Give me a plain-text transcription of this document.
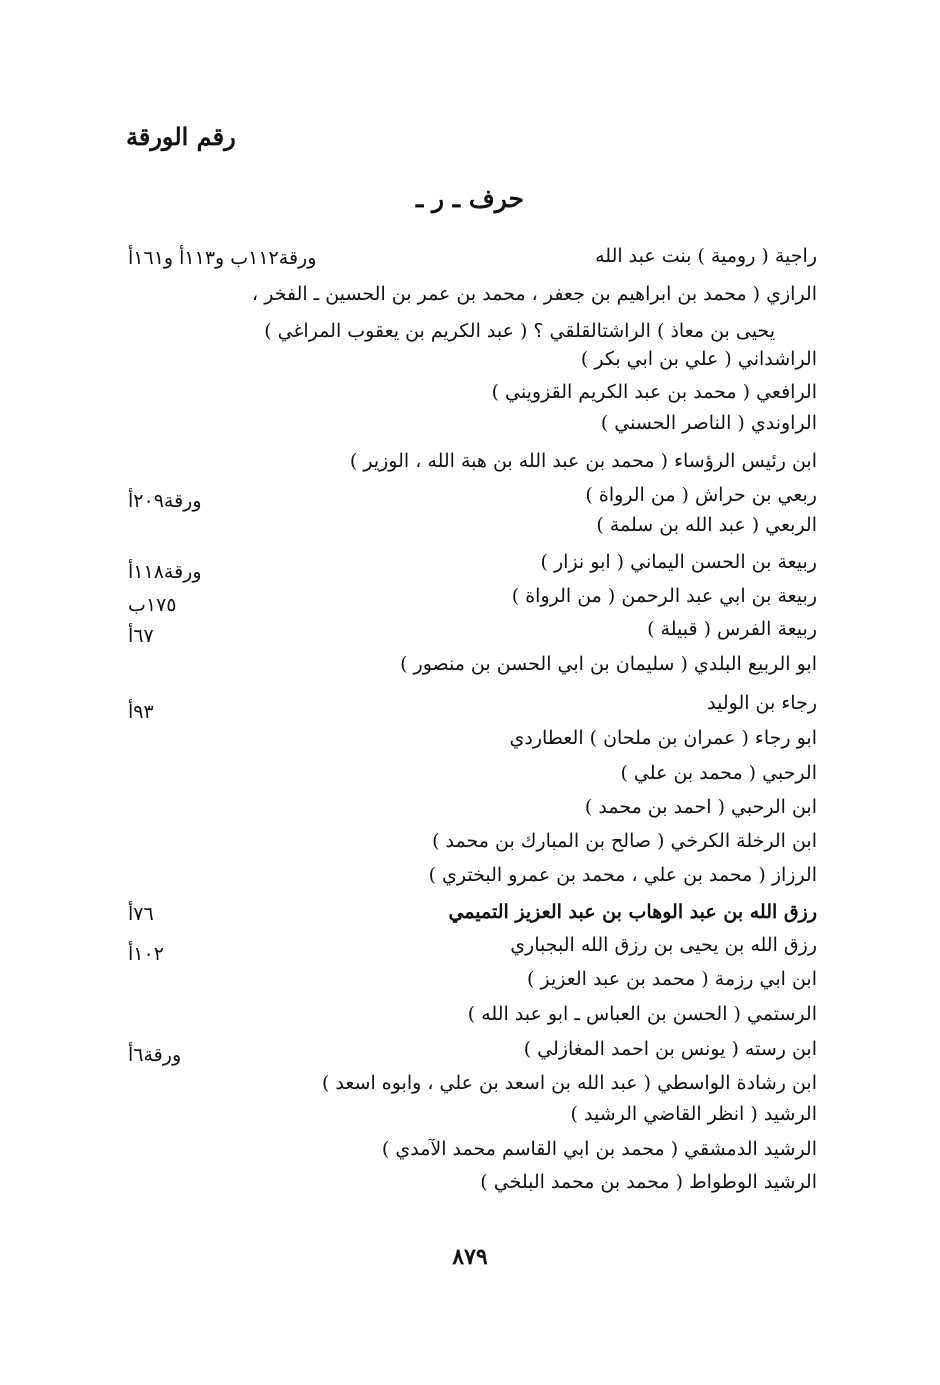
رقم الورقة
حرف ـ ر ـ
راجية ( رومية ) بنت عبد الله
ورقة١١٢ب و١١٣أ و١٦١أ
الرازي ( محمد بن ابراهيم بن جعفر ، محمد بن عمر بن الحسين ـ الفخر ،
يحيى بن معاذ ) الراشتالقلقي ؟ ( عبد الكريم بن يعقوب المراغي )
الراشداني ( علي بن ابي بكر )
الرافعي ( محمد بن عبد الكريم القزويني )
الراوندي ( الناصر الحسني )
ابن رئيس الرؤساء ( محمد بن عبد الله بن هبة الله ، الوزير )
ربعي بن حراش ( من الرواة )
ورقة٢٠٩أ
الربعي ( عبد الله بن سلمة )
ربيعة بن الحسن اليماني ( ابو نزار )
ورقة١١٨أ
ربيعة بن ابي عبد الرحمن ( من الرواة )
١٧٥ب
ربيعة الفرس ( قبيلة )
٦٧أ
ابو الربيع البلدي ( سليمان بن ابي الحسن بن منصور )
رجاء بن الوليد
٩٣أ
ابو رجاء ( عمران بن ملحان ) العطاردي
الرحبي ( محمد بن علي )
ابن الرحبي ( احمد بن محمد )
ابن الرخلة الكرخي ( صالح بن المبارك بن محمد )
الرزاز ( محمد بن علي ، محمد بن عمرو البختري )
رزق الله بن عبد الوهاب بن عبد العزيز التميمي
٧٦أ
رزق الله بن يحيى بن رزق الله البجباري
١٠٢أ
ابن ابي رزمة ( محمد بن عبد العزيز )
الرستمي ( الحسن بن العباس ـ ابو عبد الله )
ابن رسته ( يونس بن احمد المغازلي )
ورقة٦أ
ابن رشادة الواسطي ( عبد الله بن اسعد بن علي ، وابوه اسعد )
الرشيد ( انظر القاضي الرشيد )
الرشيد الدمشقي ( محمد بن ابي القاسم محمد الآمدي )
الرشيد الوطواط ( محمد بن محمد البلخي )
٨٧٩
